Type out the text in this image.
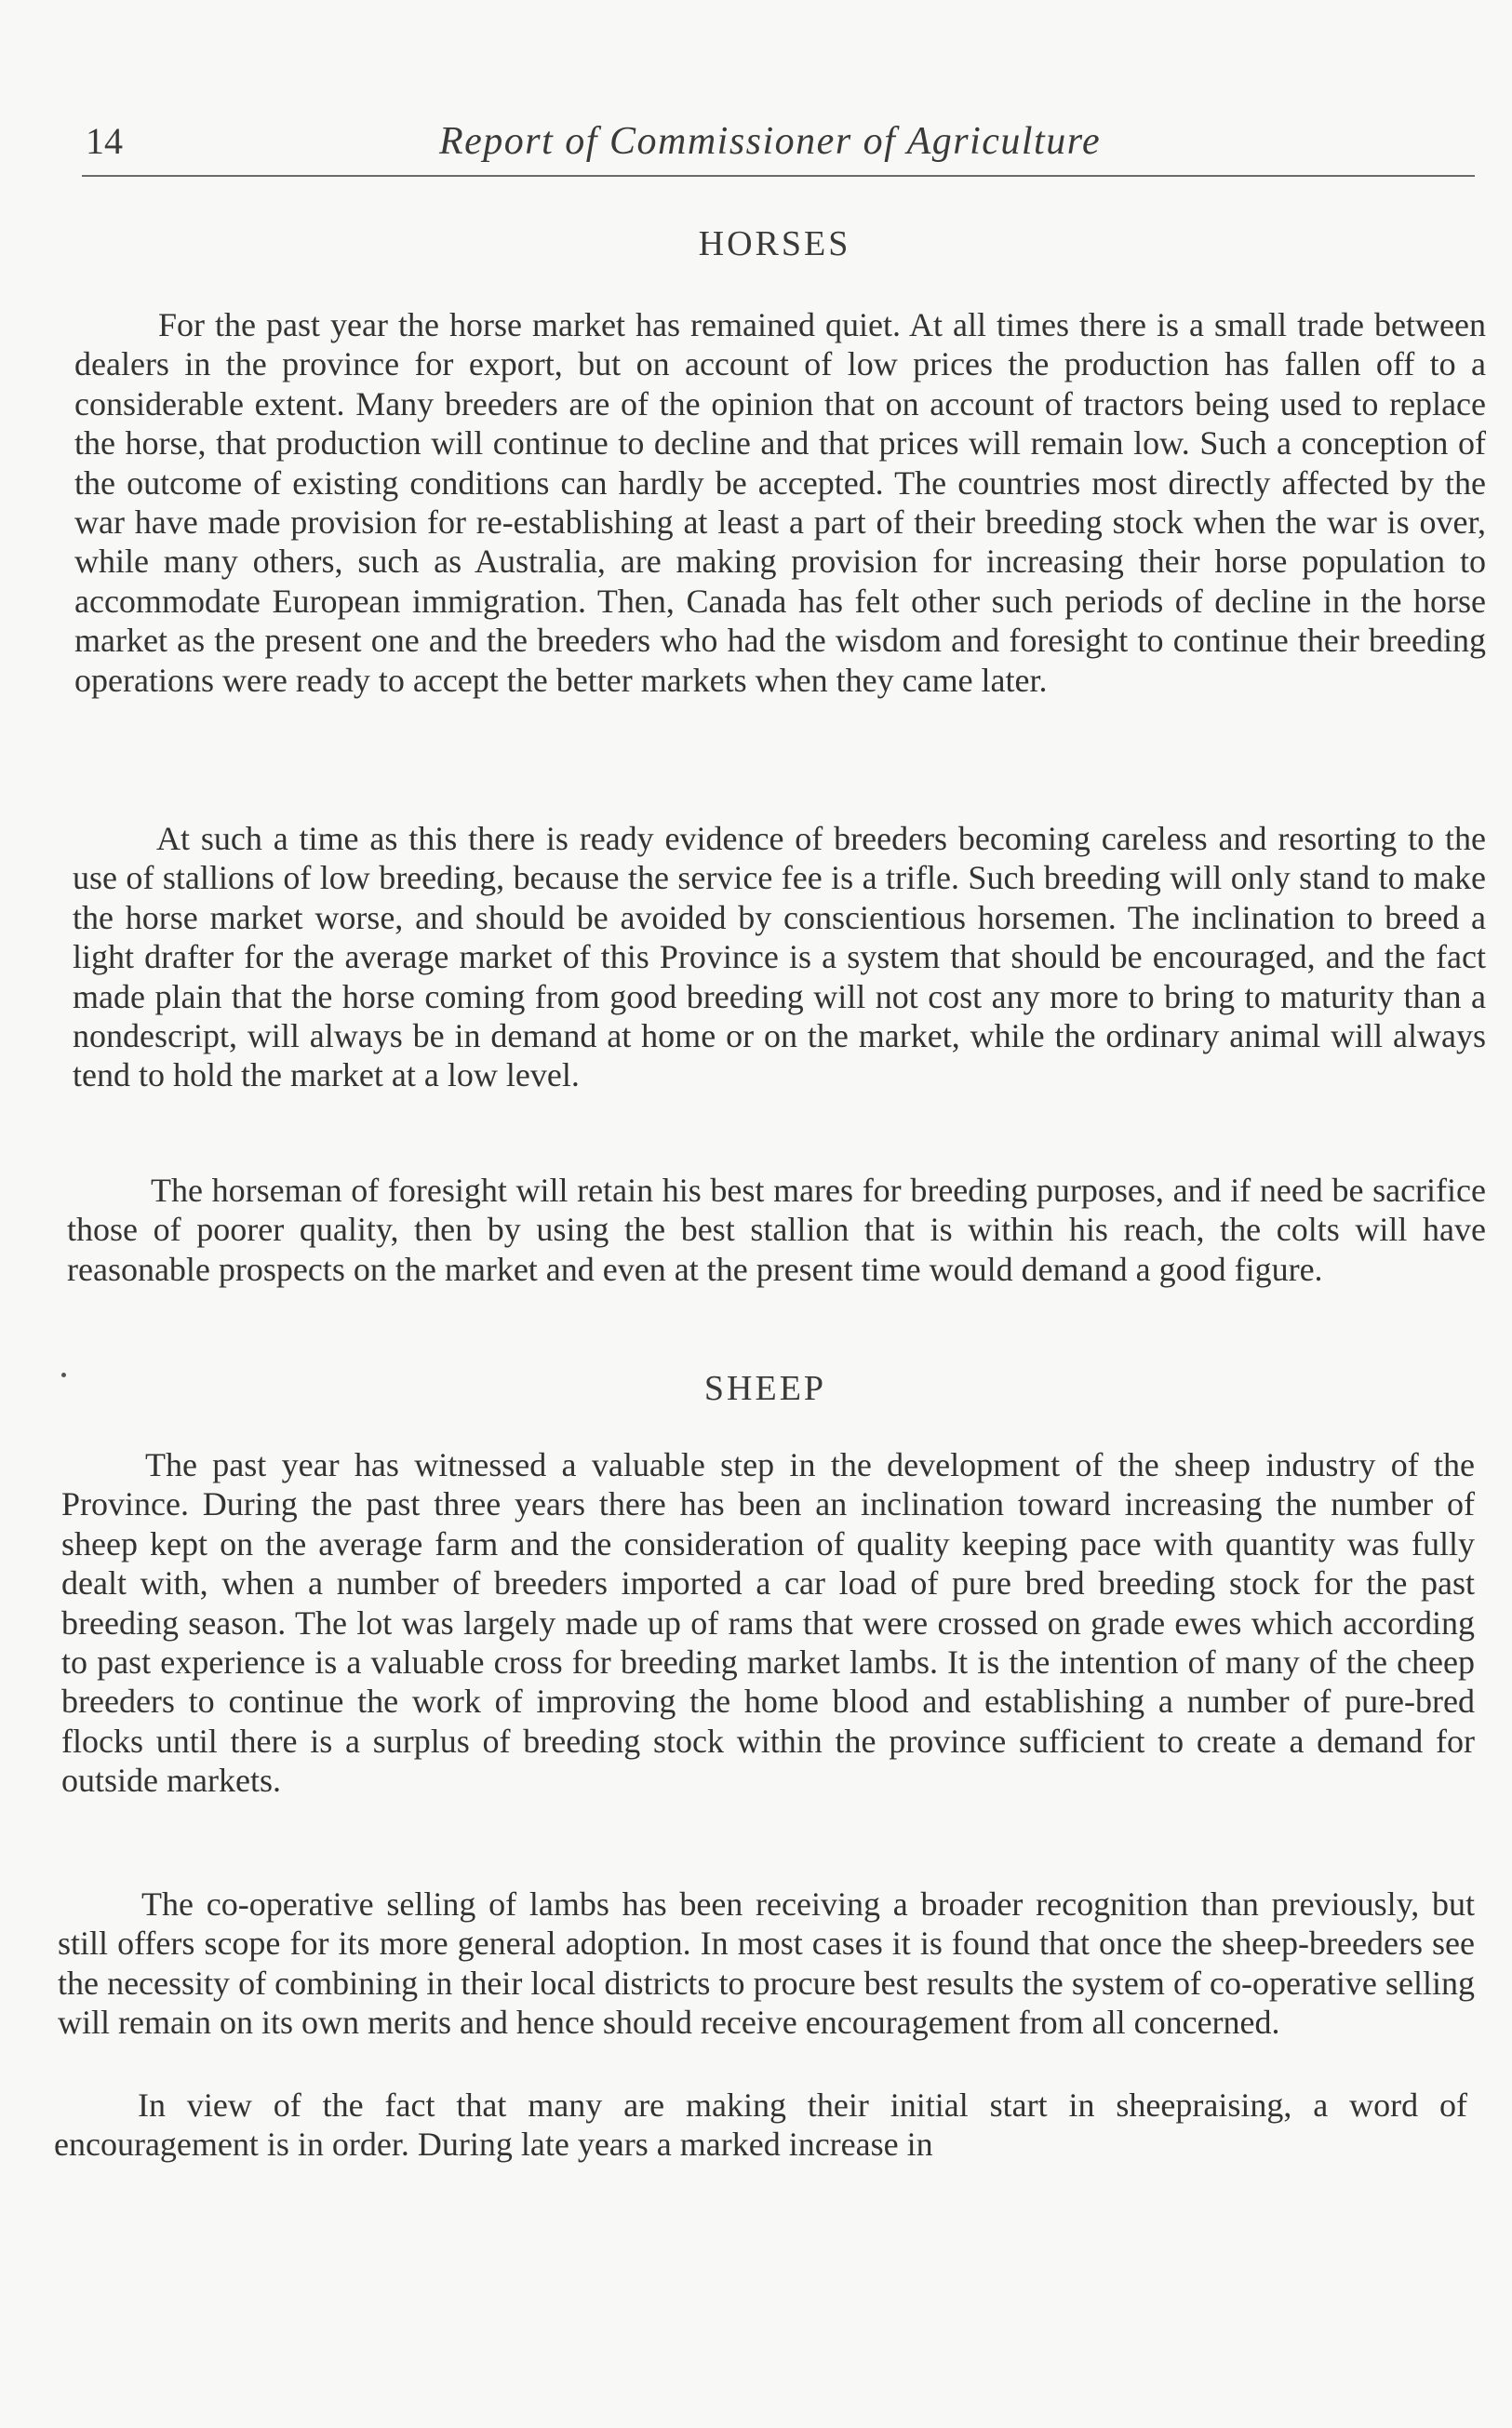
14	Report of Commissioner of Agriculture
HORSES

For the past year the horse market has remained quiet. At all times there is a small trade between dealers in the province for export, but on account of low prices the production has fallen off to a considerable extent. Many breeders are of the opinion that on account of tractors being used to replace the horse, that production will continue to decline and that prices will remain low. Such a conception of the outcome of existing conditions can hardly be accepted. The countries most directly affected by the war have made provision for re-establishing at least a part of their breeding stock when the war is over, while many others, such as Australia, are making provision for increasing their horse population to accommodate European immigration. Then, Canada has felt other such periods of decline in the horse market as the present one and the breeders who had the wisdom and foresight to continue their breeding operations were ready to accept the better markets when they came later.

At such a time as this there is ready evidence of breeders becoming careless and resorting to the use of stallions of low breeding, because the service fee is a trifle. Such breeding will only stand to make the horse market worse, and should be avoided by conscientious horsemen. The inclination to breed a light drafter for the average market of this Province is a system that should be encouraged, and the fact made plain that the horse coming from good breeding will not cost any more to bring to maturity than a nondescript, will always be in demand at home or on the market, while the ordinary animal will always tend to hold the market at a low level.

The horseman of foresight will retain his best mares for breeding purposes, and if need be sacrifice those of poorer quality, then by using the best stallion that is within his reach, the colts will have reasonable prospects on the market and even at the present time would demand a good figure.

SHEEP

The past year has witnessed a valuable step in the development of the sheep industry of the Province. During the past three years there has been an inclination toward increasing the number of sheep kept on the average farm and the consideration of quality keeping pace with quantity was fully dealt with, when a number of breeders imported a car load of pure bred breeding stock for the past breeding season. The lot was largely made up of rams that were crossed on grade ewes which according to past experience is a valuable cross for breeding market lambs. It is the intention of many of the cheep breeders to continue the work of improving the home blood and establishing a number of pure-bred flocks until there is a surplus of breeding stock within the province sufficient to create a demand for outside markets.

The co-operative selling of lambs has been receiving a broader recognition than previously, but still offers scope for its more general adoption. In most cases it is found that once the sheep-breeders see the necessity of combining in their local districts to procure best results the system of co-operative selling will remain on its own merits and hence should receive encouragement from all concerned.

In view of the fact that many are making their initial start in sheepraising, a word of encouragement is in order. During late years a marked increase in
